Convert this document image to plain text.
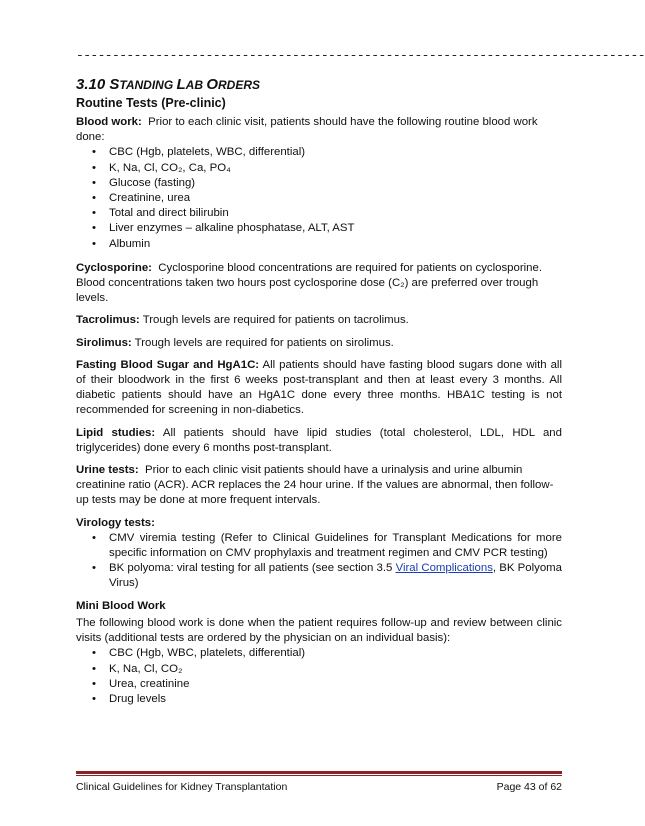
-------------------------------------------------------------------------------
3.10 STANDING LAB ORDERS
Routine Tests (Pre-clinic)
Blood work: Prior to each clinic visit, patients should have the following routine blood work done:
• CBC (Hgb, platelets, WBC, differential)
• K, Na, Cl, CO₂, Ca, PO₄
• Glucose (fasting)
• Creatinine, urea
• Total and direct bilirubin
• Liver enzymes – alkaline phosphatase, ALT, AST
• Albumin

Cyclosporine: Cyclosporine blood concentrations are required for patients on cyclosporine. Blood concentrations taken two hours post cyclosporine dose (C₂) are preferred over trough levels.

Tacrolimus: Trough levels are required for patients on tacrolimus.

Sirolimus: Trough levels are required for patients on sirolimus.

Fasting Blood Sugar and HgA1C: All patients should have fasting blood sugars done with all of their bloodwork in the first 6 weeks post-transplant and then at least every 3 months. All diabetic patients should have an HgA1C done every three months. HBA1C testing is not recommended for screening in non-diabetics.

Lipid studies: All patients should have lipid studies (total cholesterol, LDL, HDL and triglycerides) done every 6 months post-transplant.

Urine tests: Prior to each clinic visit patients should have a urinalysis and urine albumin creatinine ratio (ACR). ACR replaces the 24 hour urine. If the values are abnormal, then follow-up tests may be done at more frequent intervals.

Virology tests:
• CMV viremia testing (Refer to Clinical Guidelines for Transplant Medications for more specific information on CMV prophylaxis and treatment regimen and CMV PCR testing)
• BK polyoma: viral testing for all patients (see section 3.5 Viral Complications, BK Polyoma Virus)
Mini Blood Work
The following blood work is done when the patient requires follow-up and review between clinic visits (additional tests are ordered by the physician on an individual basis):
• CBC (Hgb, WBC, platelets, differential)
• K, Na, Cl, CO₂
• Urea, creatinine
• Drug levels
Clinical Guidelines for Kidney Transplantation	Page 43 of 62
